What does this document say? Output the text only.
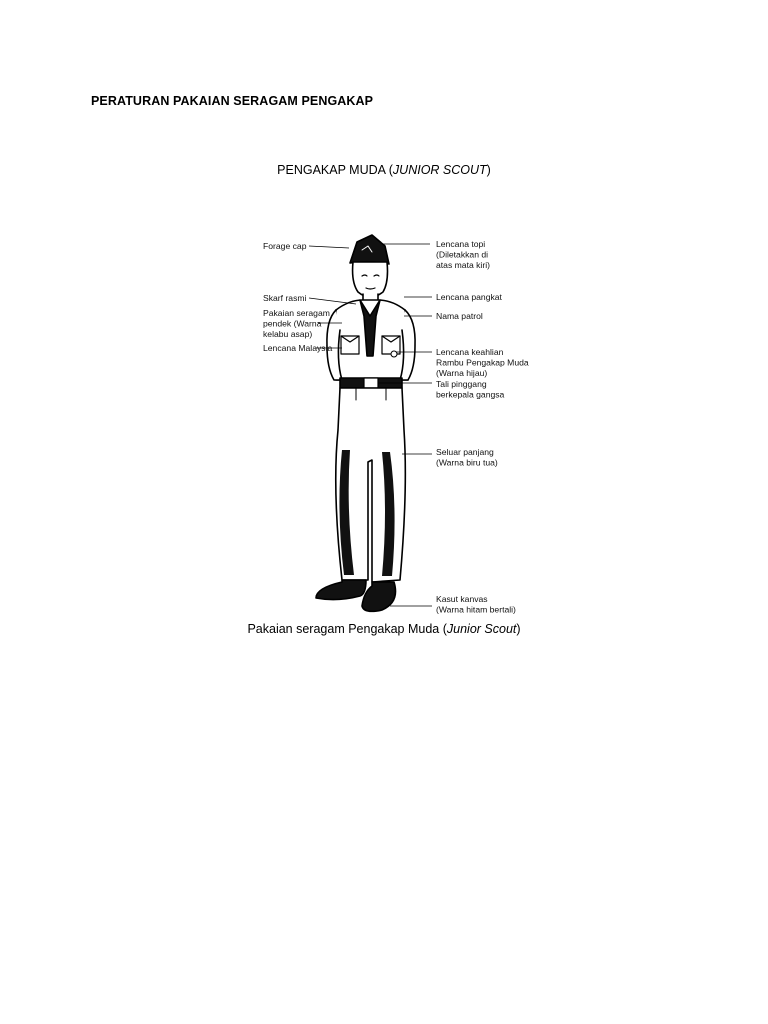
PERATURAN PAKAIAN SERAGAM PENGAKAP

PENGAKAP MUDA (JUNIOR SCOUT)

Forage cap
Skarf rasmi
Pakaian seragam pendek (Warna kelabu asap)
Lencana Malaysia
Lencana topi (Diletakkan di atas mata kiri)
Lencana pangkat
Nama patrol
Lencana keahlian Rambu Pengakap Muda (Warna hijau)
Tali pinggang berkepala gangsa
Seluar panjang (Warna biru tua)
Kasut kanvas (Warna hitam bertali)

Pakaian seragam Pengakap Muda (Junior Scout)
